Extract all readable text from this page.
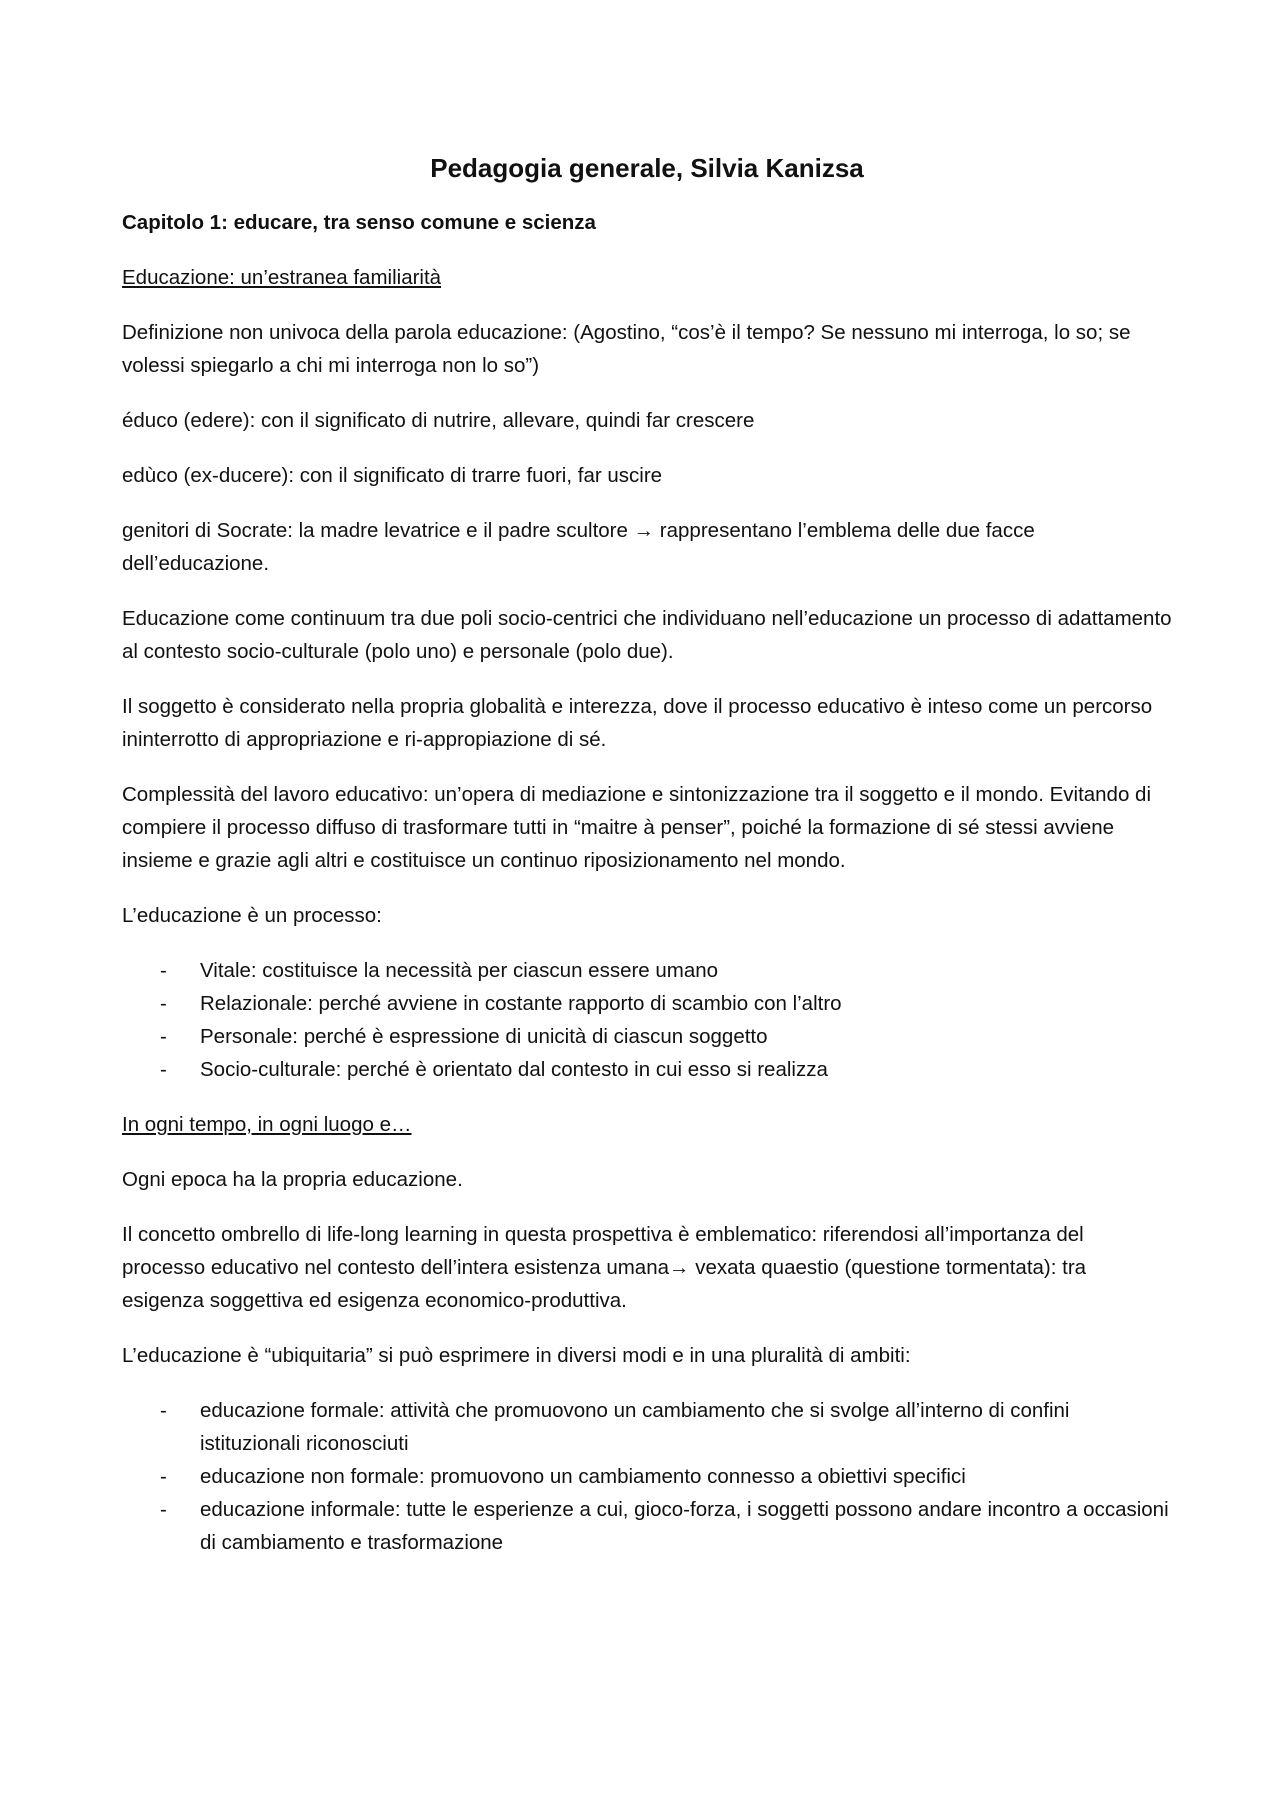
Pedagogia generale, Silvia Kanizsa
Capitolo 1: educare, tra senso comune e scienza
Educazione: un’estranea familiarità

Definizione non univoca della parola educazione: (Agostino, “cos’è il tempo? Se nessuno mi interroga, lo so; se volessi spiegarlo a chi mi interroga non lo so”)

éduco (edere): con il significato di nutrire, allevare, quindi far crescere

edùco (ex-ducere): con il significato di trarre fuori, far uscire

genitori di Socrate: la madre levatrice e il padre scultore → rappresentano l’emblema delle due facce dell’educazione.

Educazione come continuum tra due poli socio-centrici che individuano nell’educazione un processo di adattamento al contesto socio-culturale (polo uno) e personale (polo due).

Il soggetto è considerato nella propria globalità e interezza, dove il processo educativo è inteso come un percorso ininterrotto di appropriazione e ri-appropiazione di sé.

Complessità del lavoro educativo: un’opera di mediazione e sintonizzazione tra il soggetto e il mondo. Evitando di compiere il processo diffuso di trasformare tutti in “maitre à penser”, poiché la formazione di sé stessi avviene insieme e grazie agli altri e costituisce un continuo riposizionamento nel mondo.

L’educazione è un processo:

- Vitale: costituisce la necessità per ciascun essere umano
- Relazionale: perché avviene in costante rapporto di scambio con l’altro
- Personale: perché è espressione di unicità di ciascun soggetto
- Socio-culturale: perché è orientato dal contesto in cui esso si realizza
In ogni tempo, in ogni luogo e…

Ogni epoca ha la propria educazione.

Il concetto ombrello di life-long learning in questa prospettiva è emblematico: riferendosi all’importanza del processo educativo nel contesto dell’intera esistenza umana→ vexata quaestio (questione tormentata): tra esigenza soggettiva ed esigenza economico-produttiva.

L’educazione è “ubiquitaria” si può esprimere in diversi modi e in una pluralità di ambiti:

- educazione formale: attività che promuovono un cambiamento che si svolge all’interno di confini istituzionali riconosciuti
- educazione non formale: promuovono un cambiamento connesso a obiettivi specifici
- educazione informale: tutte le esperienze a cui, gioco-forza, i soggetti possono andare incontro a occasioni di cambiamento e trasformazione
